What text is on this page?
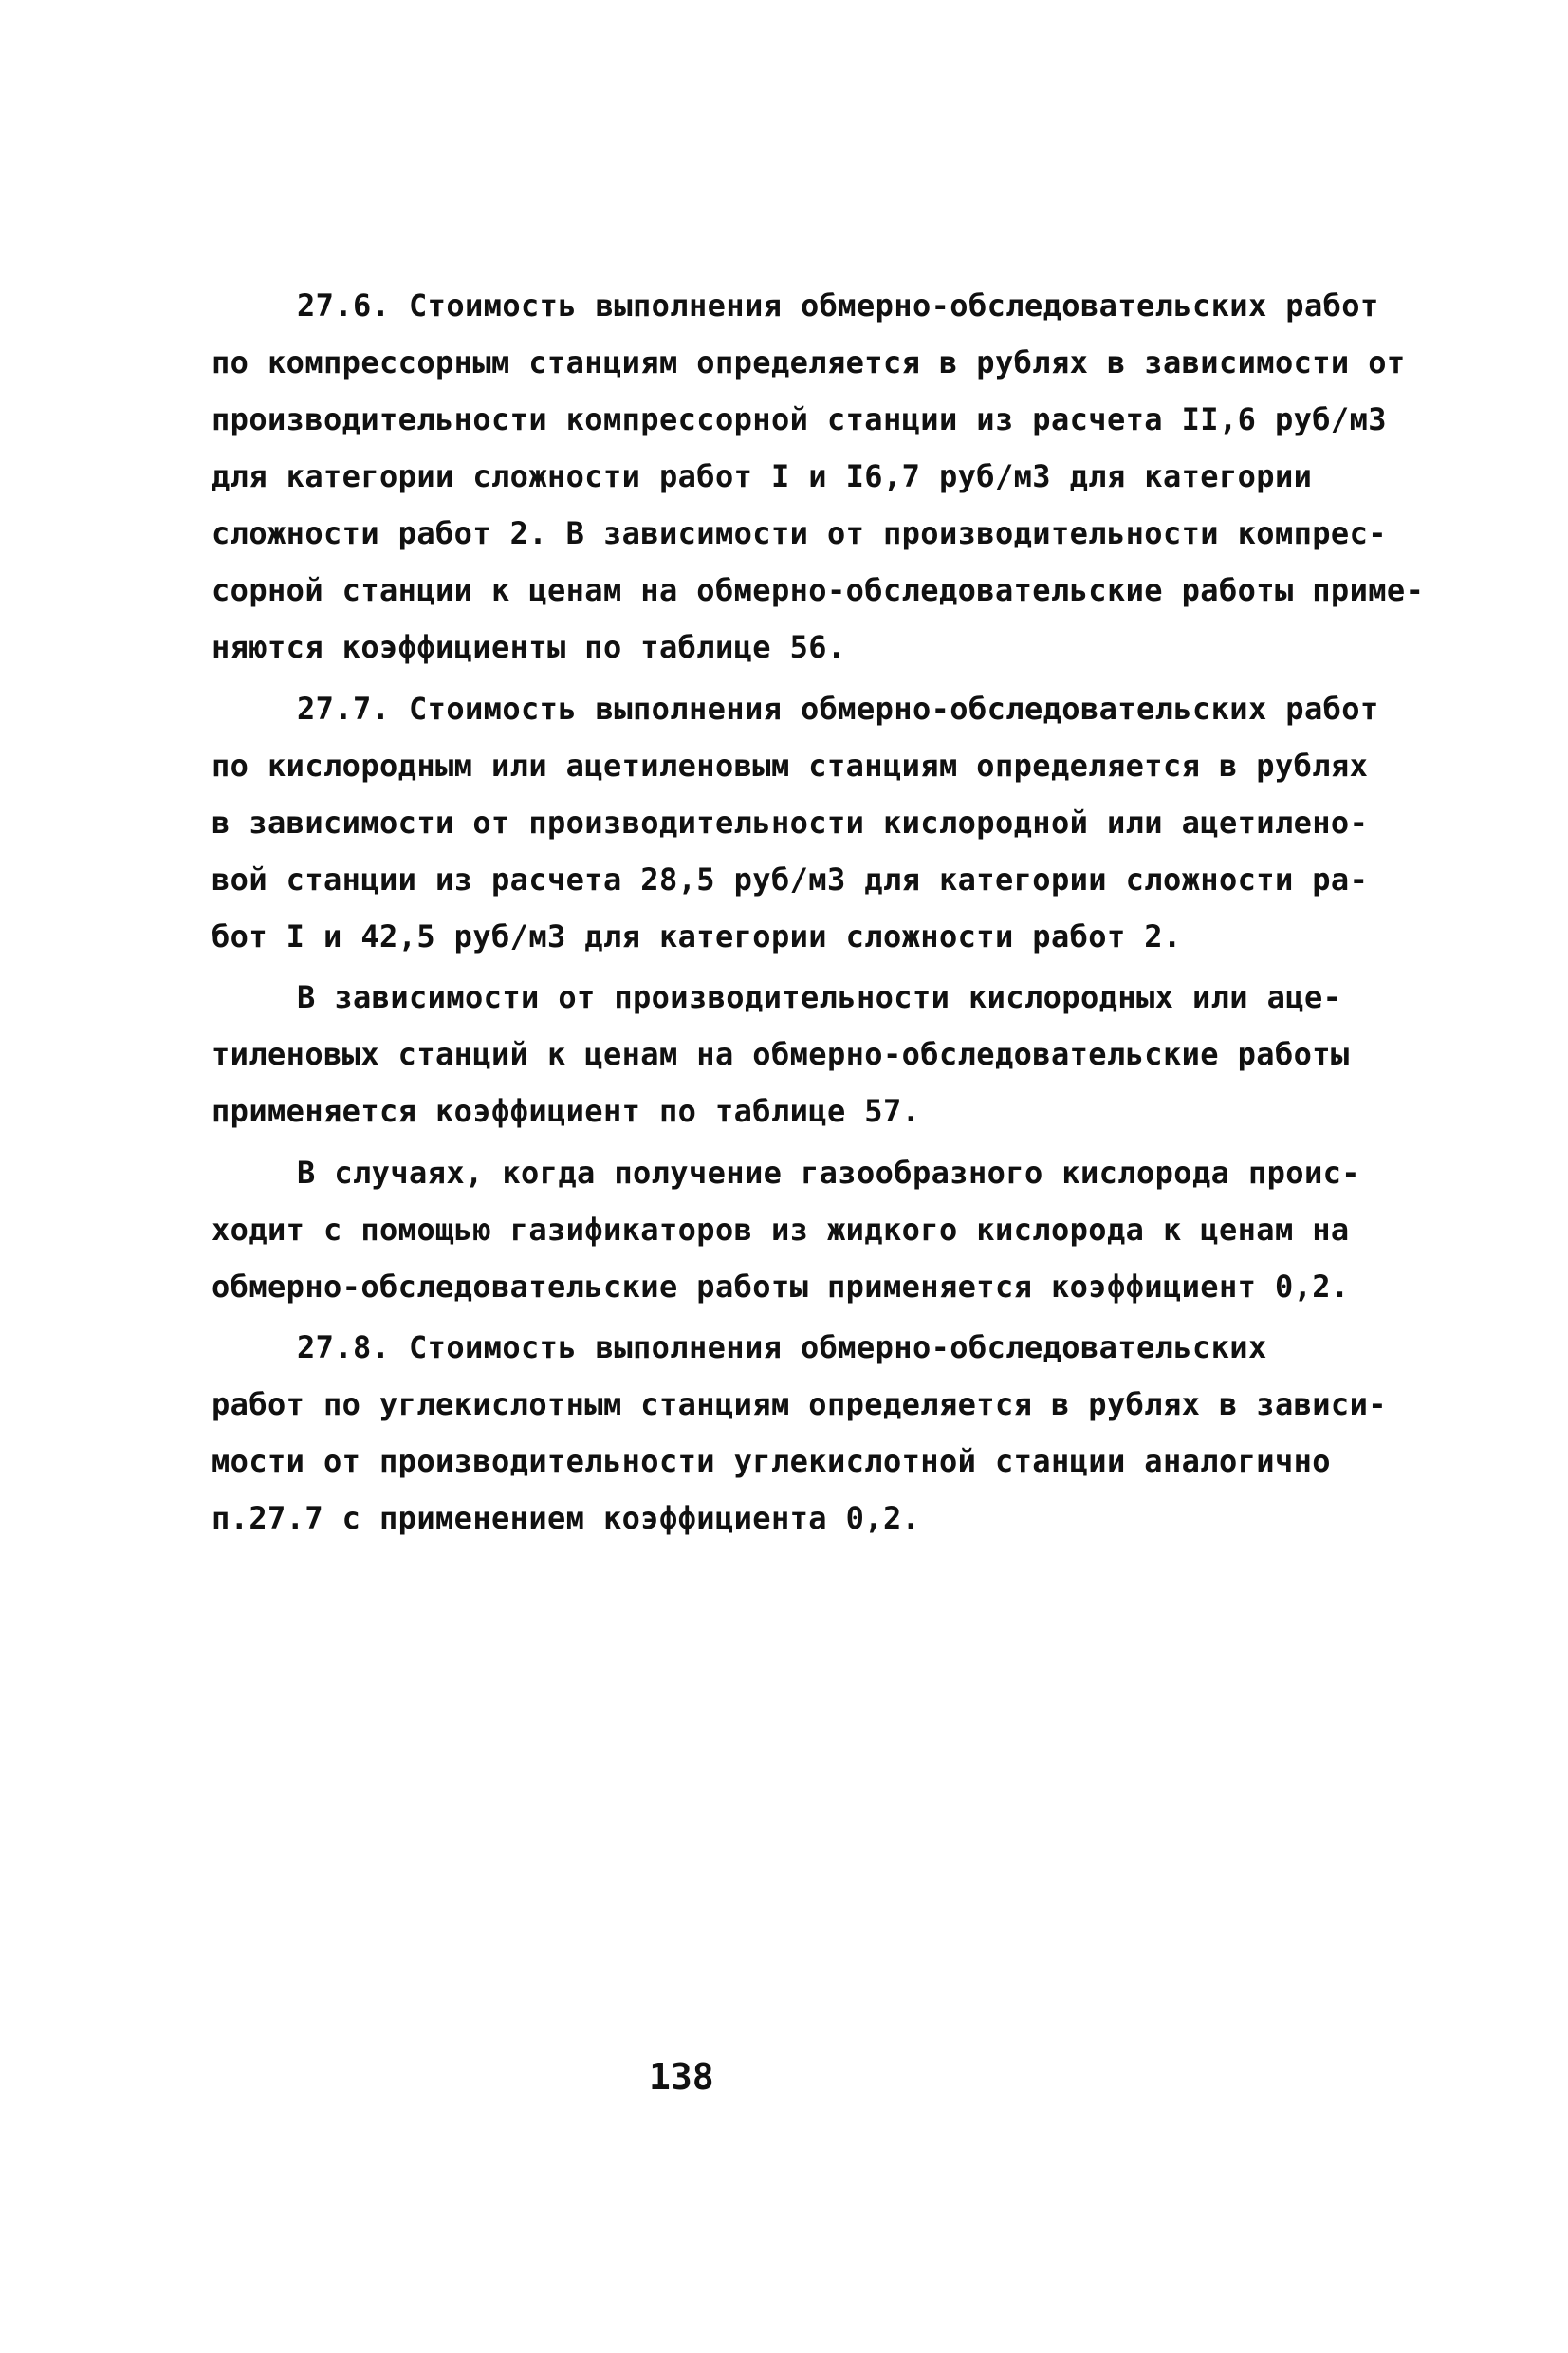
27.6. Стоимость выполнения обмерно-обследовательских работ
по компрессорным станциям определяется в рублях в зависимости от
производительности компрессорной станции из расчета II,6 руб/м3
для категории сложности работ I и I6,7 руб/м3 для категории
сложности работ 2. В зависимости от производительности компрес-
сорной станции к ценам на обмерно-обследовательские работы приме-
няются коэффициенты по таблице 56.
27.7. Стоимость выполнения обмерно-обследовательских работ
по кислородным или ацетиленовым станциям определяется в рублях
в зависимости от производительности кислородной или ацетилено-
вой станции из расчета 28,5 руб/м3 для категории сложности ра-
бот I и 42,5 руб/м3 для категории сложности работ 2.
В зависимости от производительности кислородных или аце-
тиленовых станций к ценам на обмерно-обследовательские работы
применяется коэффициент по таблице 57.
В случаях, когда получение газообразного кислорода проис-
ходит с помощью газификаторов из жидкого кислорода к ценам на
обмерно-обследовательские работы применяется коэффициент 0,2.
27.8. Стоимость выполнения обмерно-обследовательских
работ по углекислотным станциям определяется в рублях в зависи-
мости от производительности углекислотной станции аналогично
п.27.7 с применением коэффициента 0,2.
138
